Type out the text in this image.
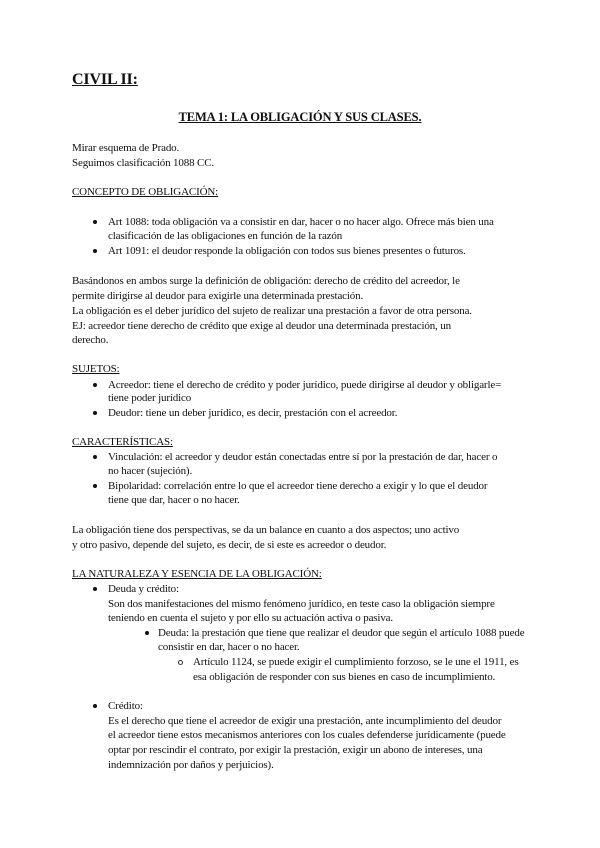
CIVIL II:
TEMA 1: LA OBLIGACIÓN Y SUS CLASES.
Mirar esquema de Prado.
Seguimos clasificación 1088 CC.
CONCEPTO DE OBLIGACIÓN:
Art 1088: toda obligación va a consistir en dar, hacer o no hacer algo. Ofrece más bien una
clasificación de las obligaciones en función de la razón
Art 1091: el deudor responde la obligación con todos sus bienes presentes o futuros.
Basándonos en ambos surge la definición de obligación: derecho de crédito del acreedor, le
permite dirigirse al deudor para exigirle una determinada prestación.
La obligación es el deber jurídico del sujeto de realizar una prestación a favor de otra persona.
EJ: acreedor tiene derecho de crédito que exige al deudor una determinada prestación, un
derecho.
SUJETOS:
Acreedor: tiene el derecho de crédito y poder jurídico, puede dirigirse al deudor y obligarle=
tiene poder jurídico
Deudor: tiene un deber jurídico, es decir, prestación con el acreedor.
CARACTERÍSTICAS:
Vinculación: el acreedor y deudor están conectadas entre sí por la prestación de dar, hacer o
no hacer (sujeción).
Bipolaridad: correlación entre lo que el acreedor tiene derecho a exigir y lo que el deudor
tiene que dar, hacer o no hacer.
La obligación tiene dos perspectivas, se da un balance en cuanto a dos aspectos; uno activo
y otro pasivo, depende del sujeto, es decir, de si este es acreedor o deudor.
LA NATURALEZA Y ESENCIA DE LA OBLIGACIÓN:
Deuda y crédito:
Son dos manifestaciones del mismo fenómeno jurídico, en teste caso la obligación siempre
teniendo en cuenta el sujeto y por ello su actuación activa o pasiva.
Deuda: la prestación que tiene que realizar el deudor que según el artículo 1088 puede
consistir en dar, hacer o no hacer.
Artículo 1124, se puede exigir el cumplimiento forzoso, se le une el 1911, es
esa obligación de responder con sus bienes en caso de incumplimiento.
Crédito:
Es el derecho que tiene el acreedor de exigir una prestación, ante incumplimiento del deudor
el acreedor tiene estos mecanismos anteriores con los cuales defenderse jurídicamente (puede
optar por rescindir el contrato, por exigir la prestación, exigir un abono de intereses, una
indemnización por daños y perjuicios).
